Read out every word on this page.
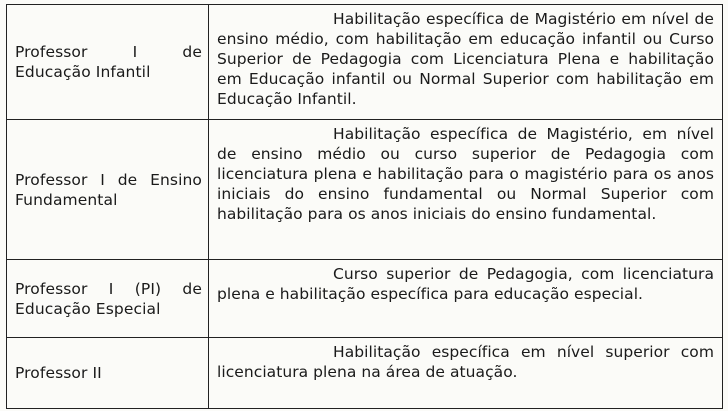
Professor I de Educação Infantil	Habilitação específica de Magistério em nível de ensino médio, com habilitação em educação infantil ou Curso Superior de Pedagogia com Licenciatura Plena e habilitação em Educação infantil ou Normal Superior com habilitação em Educação Infantil.
Professor I de Ensino Fundamental	Habilitação específica de Magistério, em nível de ensino médio ou curso superior de Pedagogia com licenciatura plena e habilitação para o magistério para os anos iniciais do ensino fundamental ou Normal Superior com habilitação para os anos iniciais do ensino fundamental.
Professor I (PI) de Educação Especial	Curso superior de Pedagogia, com licenciatura plena e habilitação específica para educação especial.
Professor II	Habilitação específica em nível superior com licenciatura plena na área de atuação.
